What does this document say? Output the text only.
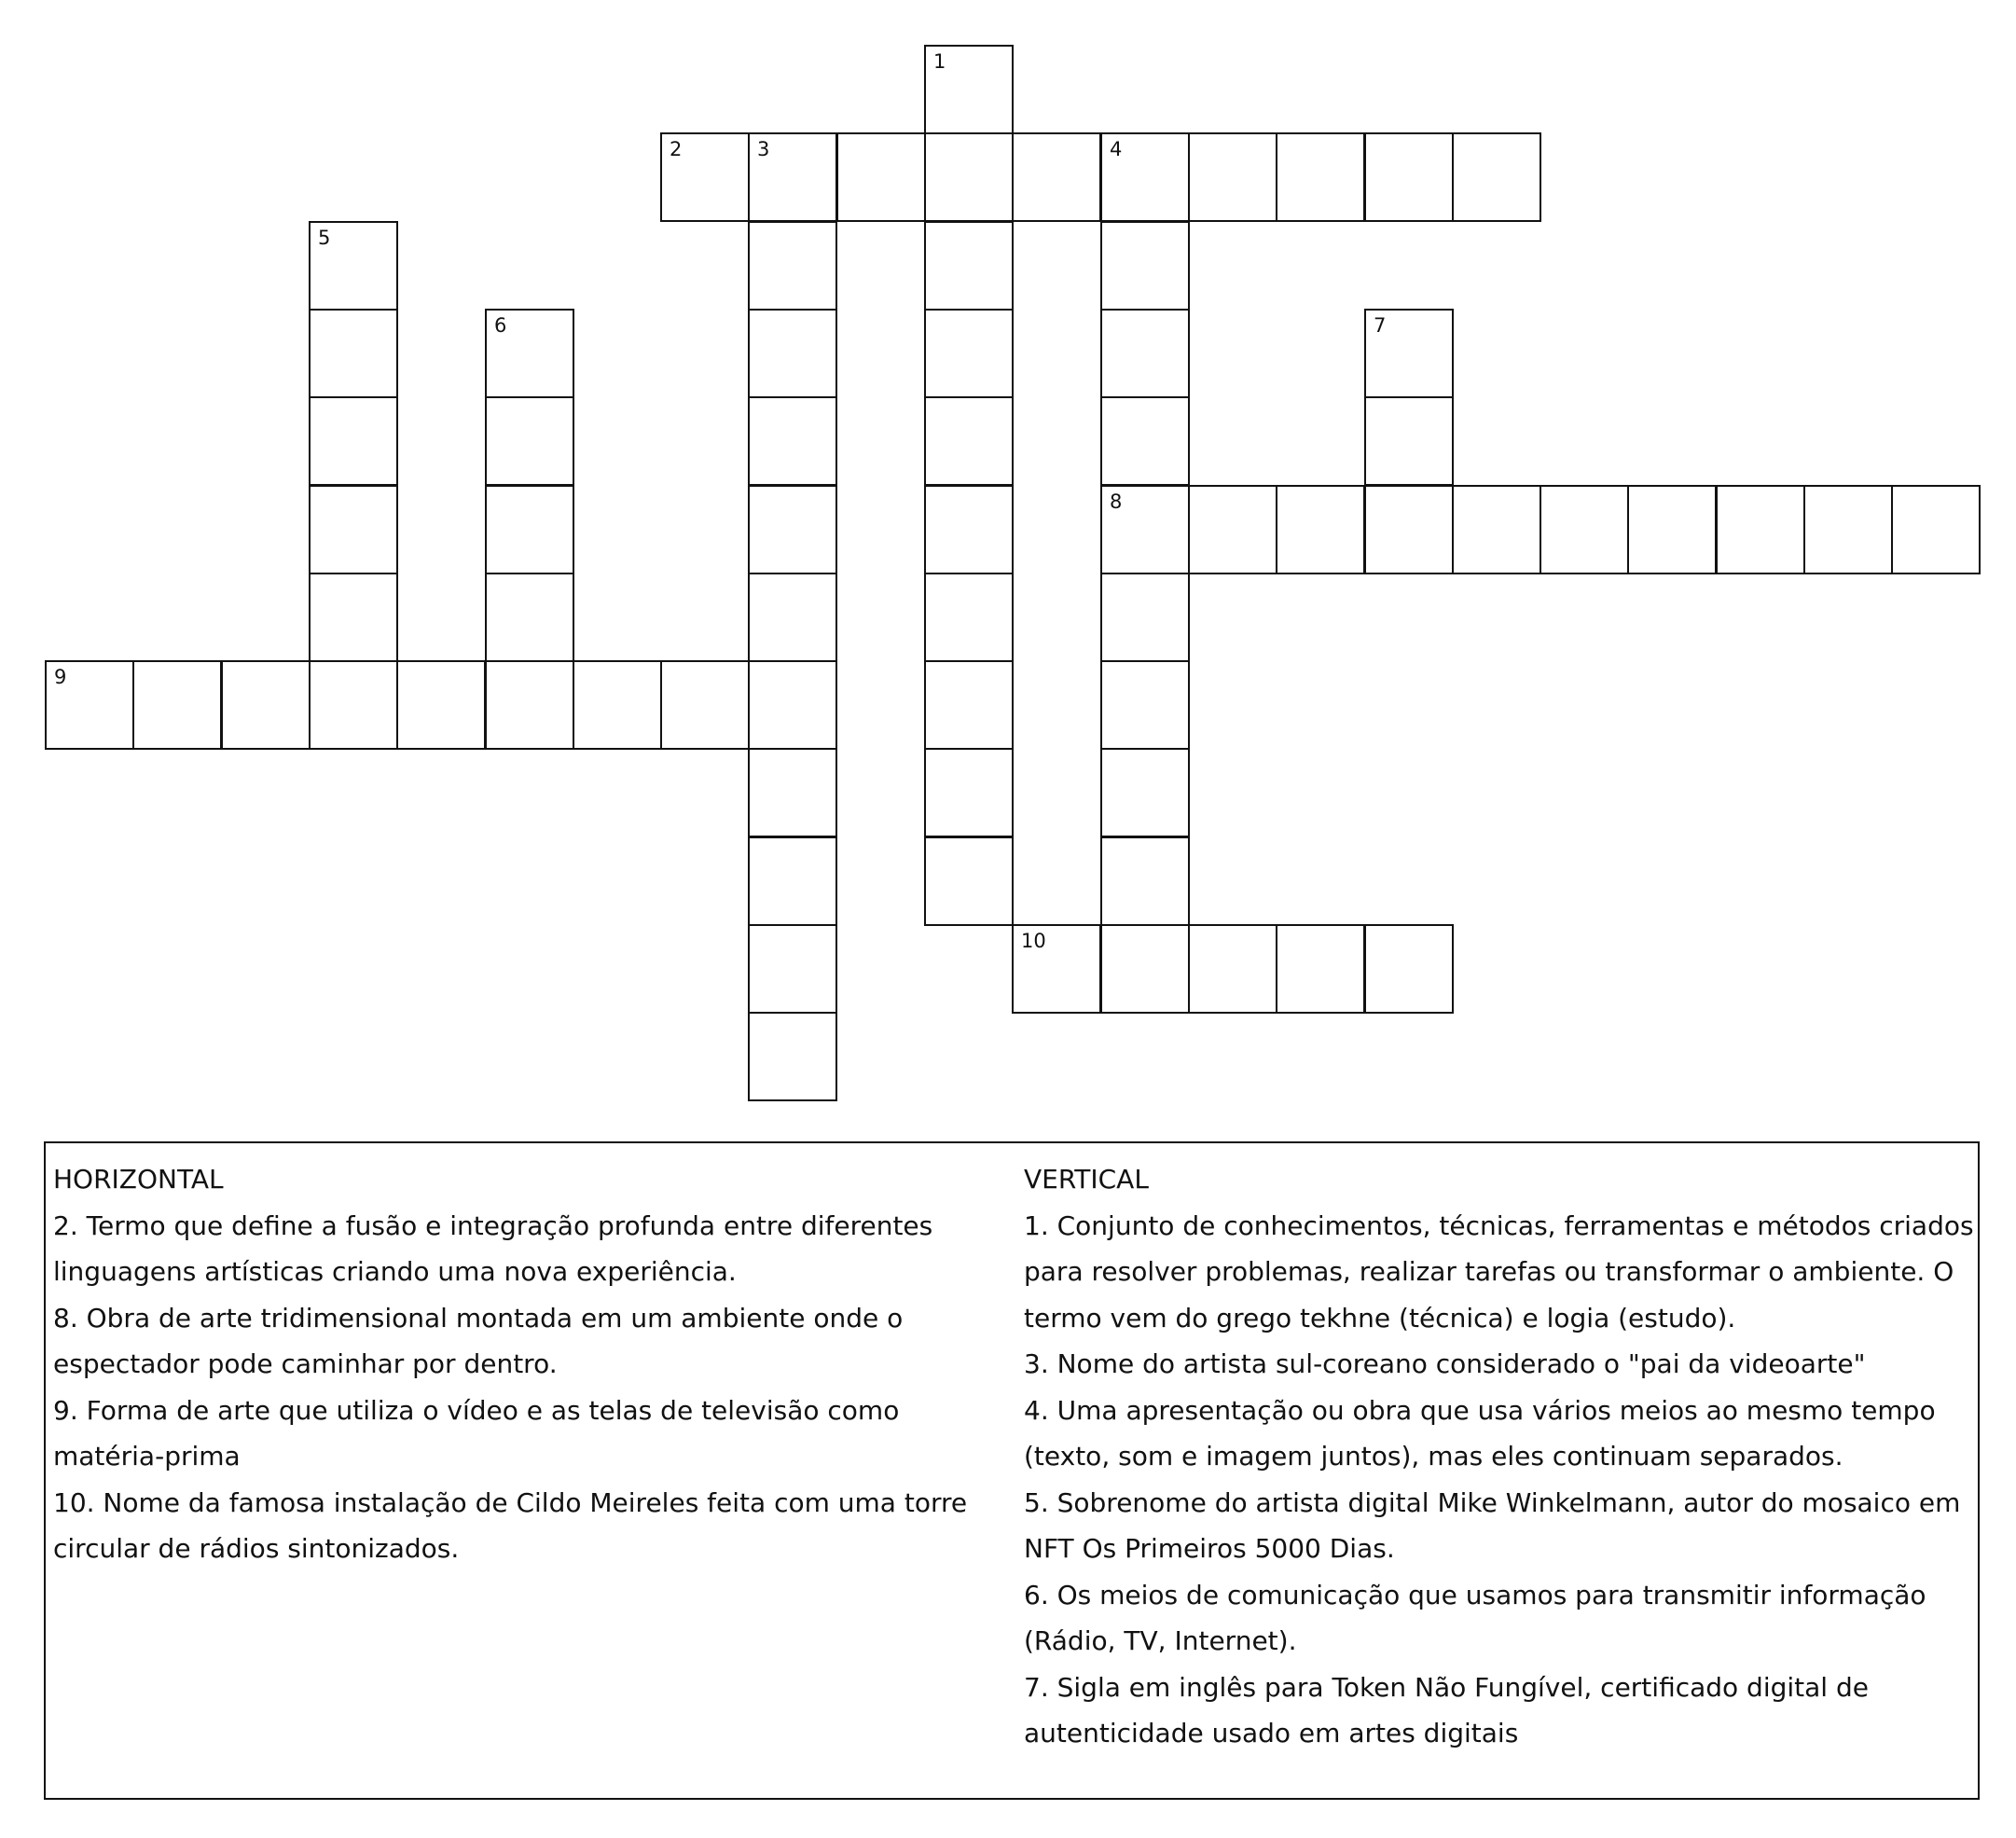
1
2	3	4
8
5
6	7
9
10
HORIZONTAL
2. Termo que define a fusão e integração profunda entre diferentes linguagens artísticas criando uma nova experiência.
8. Obra de arte tridimensional montada em um ambiente onde o espectador pode caminhar por dentro.
9. Forma de arte que utiliza o vídeo e as telas de televisão como matéria-prima
10. Nome da famosa instalação de Cildo Meireles feita com uma torre circular de rádios sintonizados.
VERTICAL
1. Conjunto de conhecimentos, técnicas, ferramentas e métodos criados para resolver problemas, realizar tarefas ou transformar o ambiente. O termo vem do grego tekhne (técnica) e logia (estudo).
3. Nome do artista sul-coreano considerado o "pai da videoarte"
4. Uma apresentação ou obra que usa vários meios ao mesmo tempo (texto, som e imagem juntos), mas eles continuam separados.
5. Sobrenome do artista digital Mike Winkelmann, autor do mosaico em NFT Os Primeiros 5000 Dias.
6. Os meios de comunicação que usamos para transmitir informação (Rádio, TV, Internet).
7. Sigla em inglês para Token Não Fungível, certificado digital de autenticidade usado em artes digitais
